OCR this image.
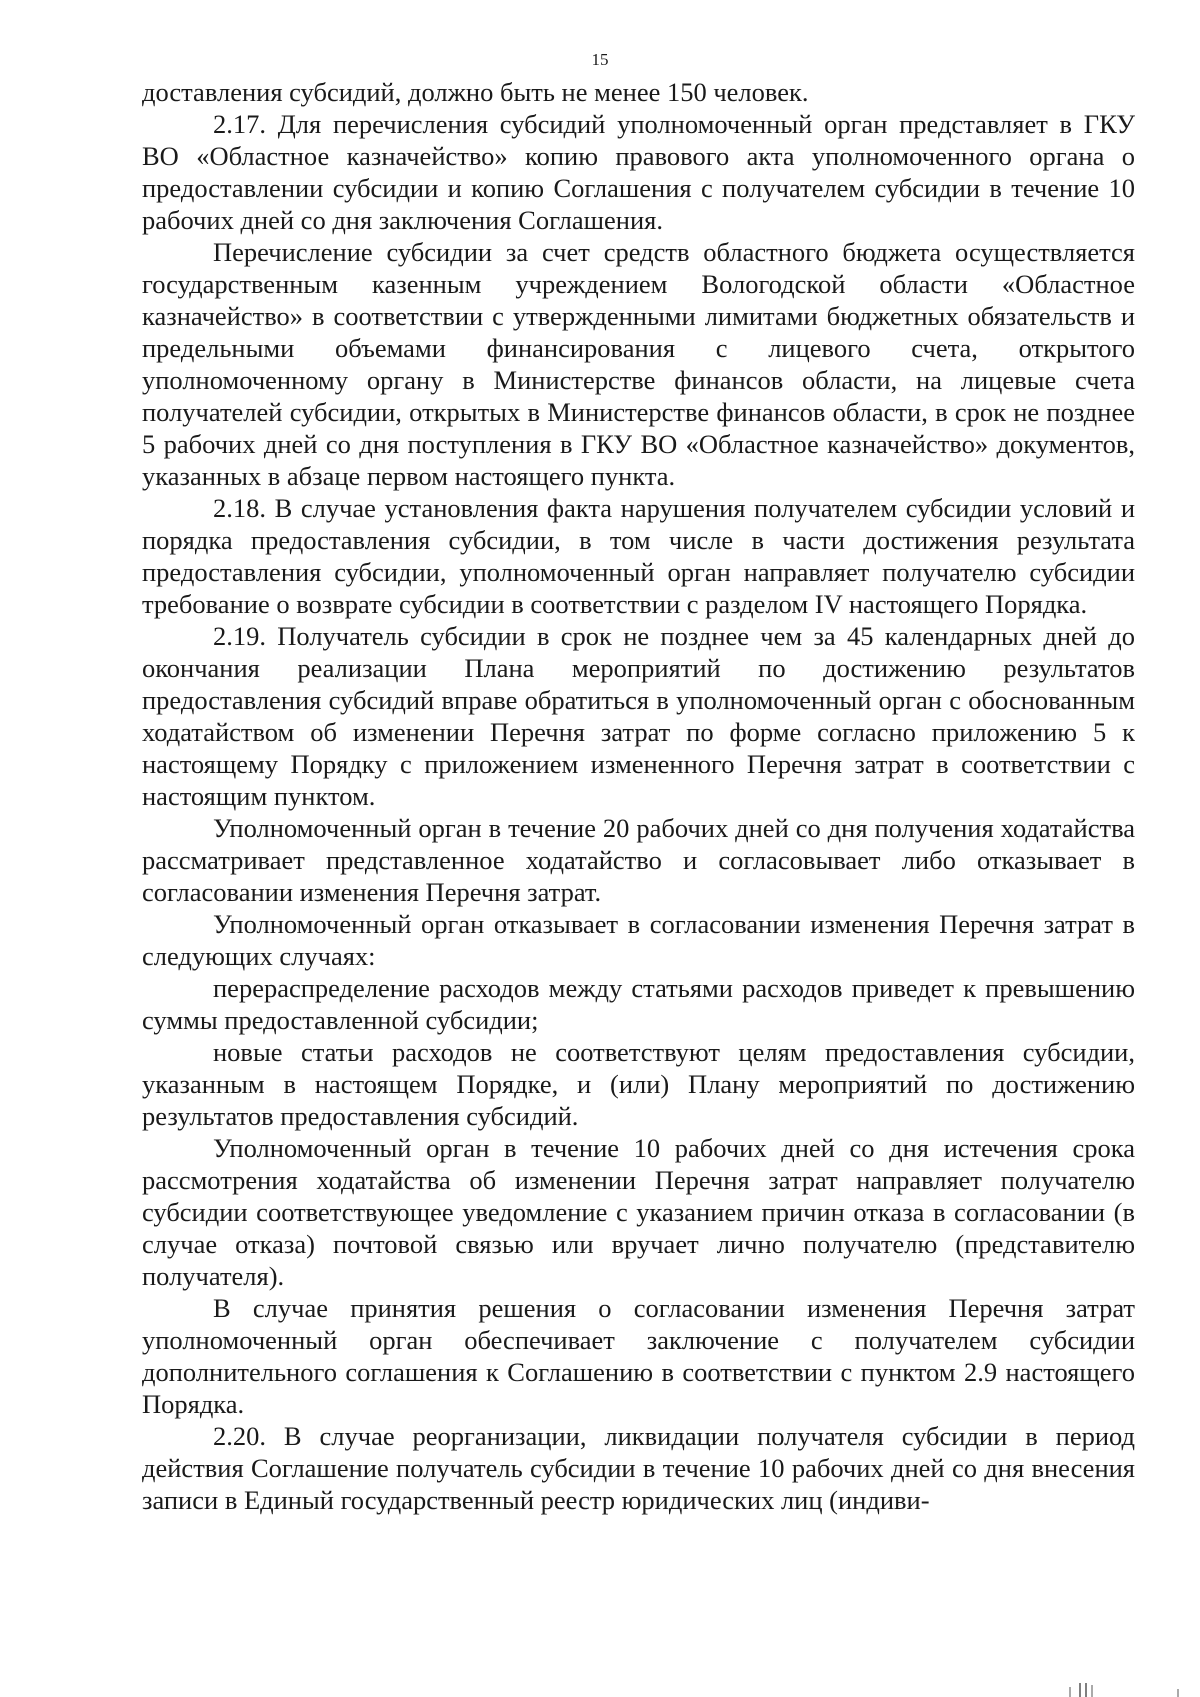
15

доставления субсидий, должно быть не менее 150 человек.

2.17. Для перечисления субсидий уполномоченный орган представляет в ГКУ ВО «Областное казначейство» копию правового акта уполномоченного органа о предоставлении субсидии и копию Соглашения с получателем субсидии в течение 10 рабочих дней со дня заключения Соглашения.

Перечисление субсидии за счет средств областного бюджета осуществляется государственным казенным учреждением Вологодской области «Областное казначейство» в соответствии с утвержденными лимитами бюджетных обязательств и предельными объемами финансирования с лицевого счета, открытого уполномоченному органу в Министерстве финансов области, на лицевые счета получателей субсидии, открытых в Министерстве финансов области, в срок не позднее 5 рабочих дней со дня поступления в ГКУ ВО «Областное казначейство» документов, указанных в абзаце первом настоящего пункта.

2.18. В случае установления факта нарушения получателем субсидии условий и порядка предоставления субсидии, в том числе в части достижения результата предоставления субсидии, уполномоченный орган направляет получателю субсидии требование о возврате субсидии в соответствии с разделом IV настоящего Порядка.

2.19. Получатель субсидии в срок не позднее чем за 45 календарных дней до окончания реализации Плана мероприятий по достижению результатов предоставления субсидий вправе обратиться в уполномоченный орган с обоснованным ходатайством об изменении Перечня затрат по форме согласно приложению 5 к настоящему Порядку с приложением измененного Перечня затрат в соответствии с настоящим пунктом.

Уполномоченный орган в течение 20 рабочих дней со дня получения ходатайства рассматривает представленное ходатайство и согласовывает либо отказывает в согласовании изменения Перечня затрат.

Уполномоченный орган отказывает в согласовании изменения Перечня затрат в следующих случаях:

перераспределение расходов между статьями расходов приведет к превышению суммы предоставленной субсидии;

новые статьи расходов не соответствуют целям предоставления субсидии, указанным в настоящем Порядке, и (или) Плану мероприятий по достижению результатов предоставления субсидий.

Уполномоченный орган в течение 10 рабочих дней со дня истечения срока рассмотрения ходатайства об изменении Перечня затрат направляет получателю субсидии соответствующее уведомление с указанием причин отказа в согласовании (в случае отказа) почтовой связью или вручает лично получателю (представителю получателя).

В случае принятия решения о согласовании изменения Перечня затрат уполномоченный орган обеспечивает заключение с получателем субсидии дополнительного соглашения к Соглашению в соответствии с пунктом 2.9 настоящего Порядка.

2.20. В случае реорганизации, ликвидации получателя субсидии в период действия Соглашение получатель субсидии в течение 10 рабочих дней со дня внесения записи в Единый государственный реестр юридических лиц (индиви-
